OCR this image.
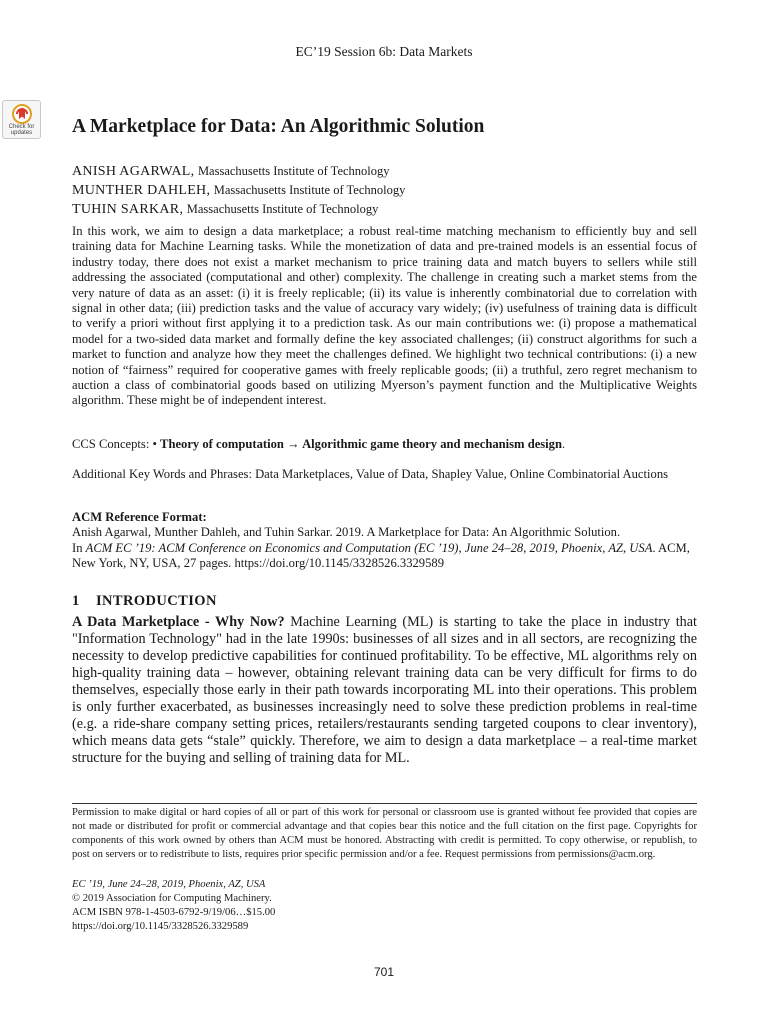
EC’19 Session 6b: Data Markets
Check for
updates	A Marketplace for Data: An Algorithmic Solution
ANISH AGARWAL, Massachusetts Institute of Technology
MUNTHER DAHLEH, Massachusetts Institute of Technology
TUHIN SARKAR, Massachusetts Institute of Technology

In this work, we aim to design a data marketplace; a robust real-time matching mechanism to efficiently buy and sell training data for Machine Learning tasks. While the monetization of data and pre-trained models is an essential focus of industry today, there does not exist a market mechanism to price training data and match buyers to sellers while still addressing the associated (computational and other) complexity. The challenge in creating such a market stems from the very nature of data as an asset: (i) it is freely replicable; (ii) its value is inherently combinatorial due to correlation with signal in other data; (iii) prediction tasks and the value of accuracy vary widely; (iv) usefulness of training data is difficult to verify a priori without first applying it to a prediction task. As our main contributions we: (i) propose a mathematical model for a two-sided data market and formally define the key associated challenges; (ii) construct algorithms for such a market to function and analyze how they meet the challenges defined. We highlight two technical contributions: (i) a new notion of “fairness” required for cooperative games with freely replicable goods; (ii) a truthful, zero regret mechanism to auction a class of combinatorial goods based on utilizing Myerson’s payment function and the Multiplicative Weights algorithm. These might be of independent interest.

CCS Concepts: • Theory of computation → Algorithmic game theory and mechanism design.
Additional Key Words and Phrases: Data Marketplaces, Value of Data, Shapley Value, Online Combinatorial Auctions
ACM Reference Format:
Anish Agarwal, Munther Dahleh, and Tuhin Sarkar. 2019. A Marketplace for Data: An Algorithmic Solution.
In ACM EC ’19: ACM Conference on Economics and Computation (EC ’19), June 24–28, 2019, Phoenix, AZ, USA. ACM, New York, NY, USA, 27 pages. https://doi.org/10.1145/3328526.3329589
1 INTRODUCTION

A Data Marketplace - Why Now? Machine Learning (ML) is starting to take the place in industry that "Information Technology" had in the late 1990s: businesses of all sizes and in all sectors, are recognizing the necessity to develop predictive capabilities for continued profitability. To be effective, ML algorithms rely on high-quality training data – however, obtaining relevant training data can be very difficult for firms to do themselves, especially those early in their path towards incorporating ML into their operations. This problem is only further exacerbated, as businesses increasingly need to solve these prediction problems in real-time (e.g. a ride-share company setting prices, retailers/restaurants sending targeted coupons to clear inventory), which means data gets “stale” quickly. Therefore, we aim to design a data marketplace – a real-time market structure for the buying and selling of training data for ML.

Permission to make digital or hard copies of all or part of this work for personal or classroom use is granted without fee provided that copies are not made or distributed for profit or commercial advantage and that copies bear this notice and the full citation on the first page. Copyrights for components of this work owned by others than ACM must be honored. Abstracting with credit is permitted. To copy otherwise, or republish, to post on servers or to redistribute to lists, requires prior specific permission and/or a fee. Request permissions from permissions@acm.org.

EC ’19, June 24–28, 2019, Phoenix, AZ, USA
© 2019 Association for Computing Machinery.
ACM ISBN 978-1-4503-6792-9/19/06…$15.00
https://doi.org/10.1145/3328526.3329589
701
